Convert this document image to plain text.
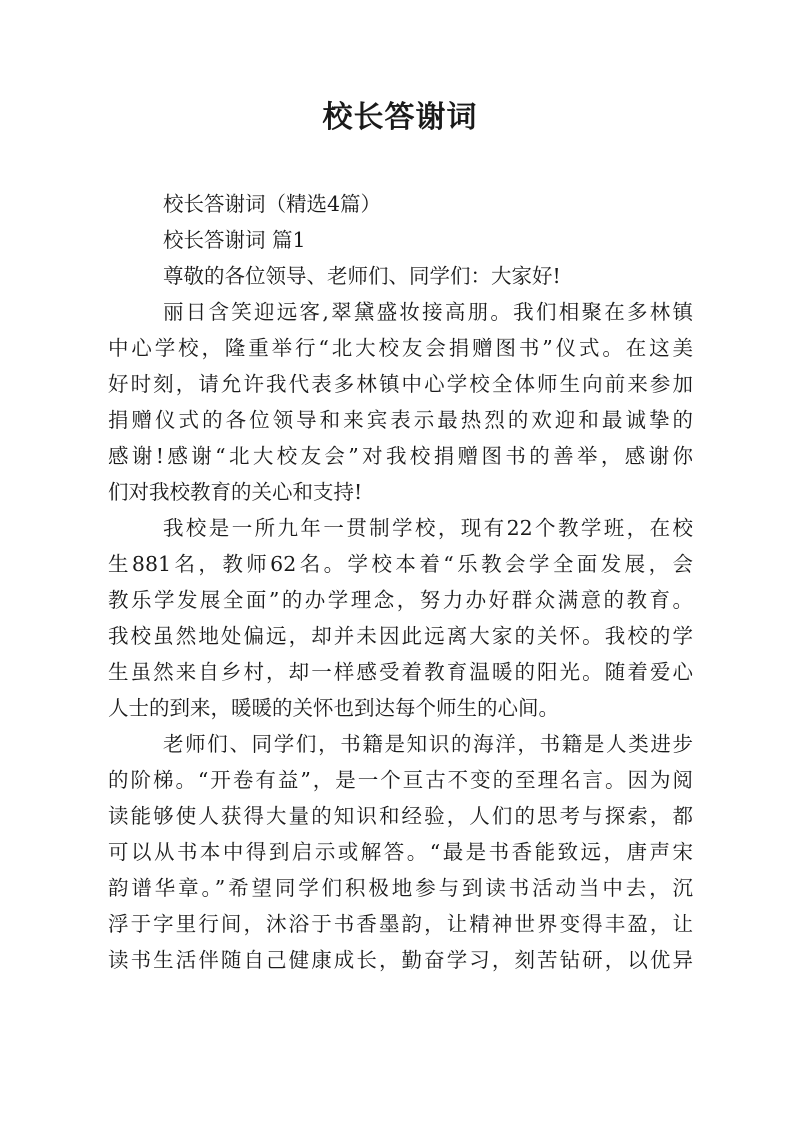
校长答谢词
校长答谢词（精选4篇）
校长答谢词 篇1
尊敬的各位领导、老师们、同学们：大家好!
丽日含笑迎远客,翠黛盛妆接高朋。我们相聚在多林镇
中心学校，隆重举行“北大校友会捐赠图书”仪式。在这美
好时刻，请允许我代表多林镇中心学校全体师生向前来参加
捐赠仪式的各位领导和来宾表示最热烈的欢迎和最诚挚的
感谢!感谢“北大校友会”对我校捐赠图书的善举，感谢你
们对我校教育的关心和支持!
我校是一所九年一贯制学校，现有22个教学班，在校
生881名，教师62名。学校本着“乐教会学全面发展，会
教乐学发展全面”的办学理念，努力办好群众满意的教育。
我校虽然地处偏远，却并未因此远离大家的关怀。我校的学
生虽然来自乡村，却一样感受着教育温暖的阳光。随着爱心
人士的到来，暖暖的关怀也到达每个师生的心间。
老师们、同学们，书籍是知识的海洋，书籍是人类进步
的阶梯。“开卷有益”，是一个亘古不变的至理名言。因为阅
读能够使人获得大量的知识和经验，人们的思考与探索，都
可以从书本中得到启示或解答。“最是书香能致远，唐声宋
韵谱华章。”希望同学们积极地参与到读书活动当中去，沉
浮于字里行间，沐浴于书香墨韵，让精神世界变得丰盈，让
读书生活伴随自己健康成长，勤奋学习，刻苦钻研，以优异
